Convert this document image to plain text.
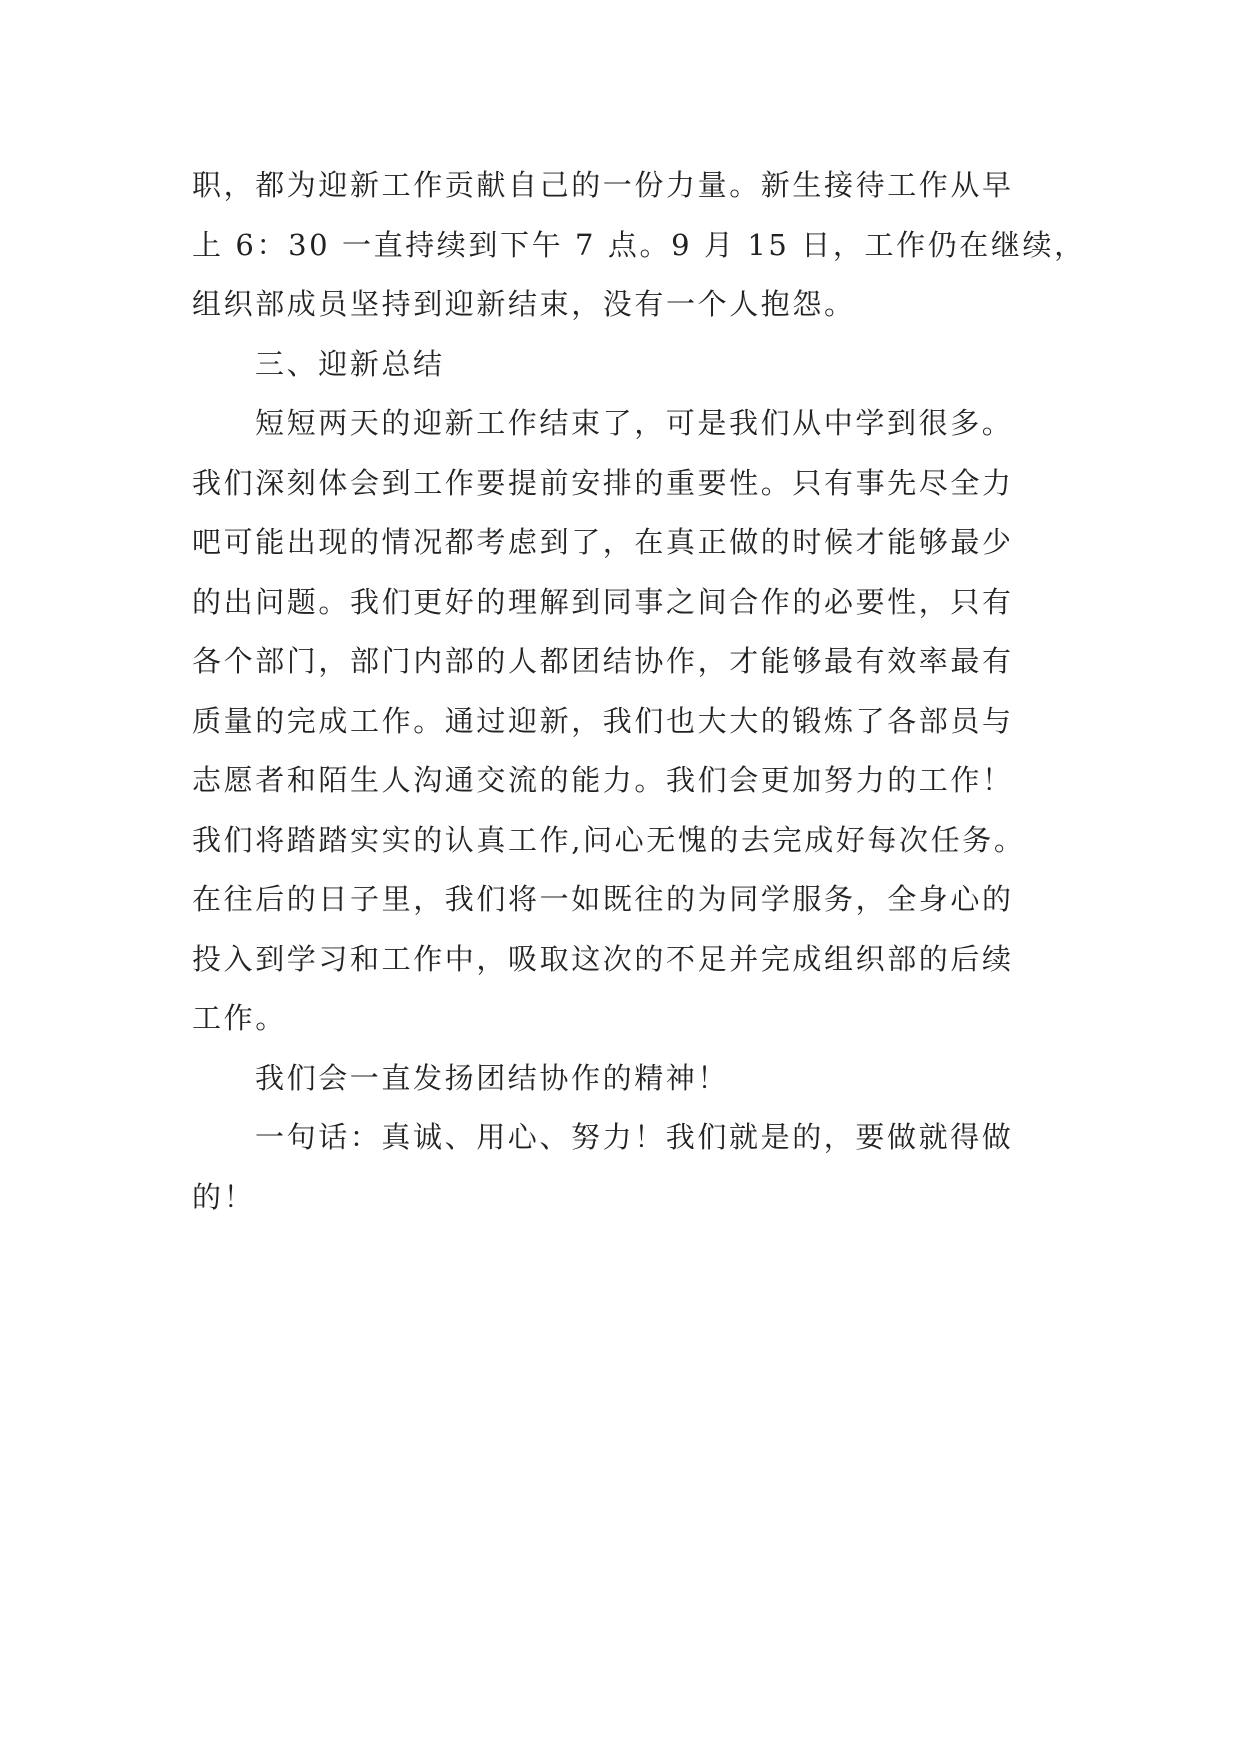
职，都为迎新工作贡献自己的一份力量。新生接待工作从早
上 6：30 一直持续到下午 7 点。9 月 15 日，工作仍在继续，
组织部成员坚持到迎新结束，没有一个人抱怨。
三、迎新总结
短短两天的迎新工作结束了，可是我们从中学到很多。
我们深刻体会到工作要提前安排的重要性。只有事先尽全力
吧可能出现的情况都考虑到了，在真正做的时候才能够最少
的出问题。我们更好的理解到同事之间合作的必要性，只有
各个部门，部门内部的人都团结协作，才能够最有效率最有
质量的完成工作。通过迎新，我们也大大的锻炼了各部员与
志愿者和陌生人沟通交流的能力。我们会更加努力的工作！
我们将踏踏实实的认真工作,问心无愧的去完成好每次任务。
在往后的日子里，我们将一如既往的为同学服务，全身心的
投入到学习和工作中，吸取这次的不足并完成组织部的后续
工作。
我们会一直发扬团结协作的精神！
一句话：真诚、用心、努力！我们就是的，要做就得做
的！
